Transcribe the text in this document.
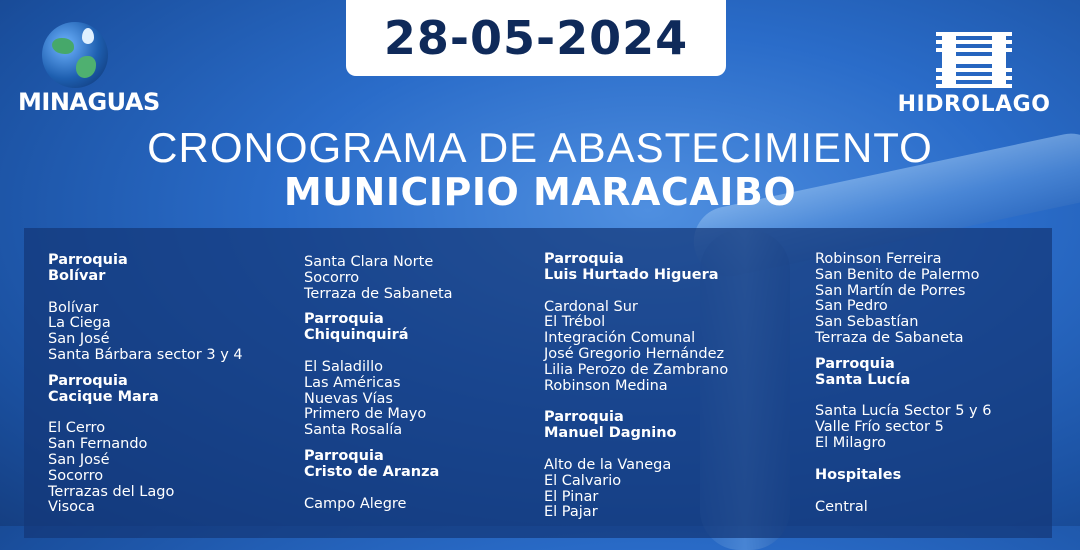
MINAGUAS
28-05-2024
HIDROLAGO
CRONOGRAMA DE ABASTECIMIENTO
MUNICIPIO MARACAIBO
Parroquia
Bolívar
Bolívar
La Ciega
San José
Santa Bárbara sector 3 y 4
Parroquia
Cacique Mara
El Cerro
San Fernando
San José
Socorro
Terrazas del Lago
Visoca
Santa Clara Norte
Socorro
Terraza de Sabaneta
Parroquia
Chiquinquirá
El Saladillo
Las Américas
Nuevas Vías
Primero de Mayo
Santa Rosalía
Parroquia
Cristo de Aranza
Campo Alegre
Parroquia
Luis Hurtado Higuera
Cardonal Sur
El Trébol
Integración Comunal
José Gregorio Hernández
Lilia Perozo de Zambrano
Robinson Medina
Parroquia
Manuel Dagnino
Alto de la Vanega
El Calvario
El Pinar
El Pajar
Robinson Ferreira
San Benito de Palermo
San Martín de Porres
San Pedro
San Sebastían
Terraza de Sabaneta
Parroquia
Santa Lucía
Santa Lucía Sector 5 y 6
Valle Frío sector 5
El Milagro
Hospitales
Central
